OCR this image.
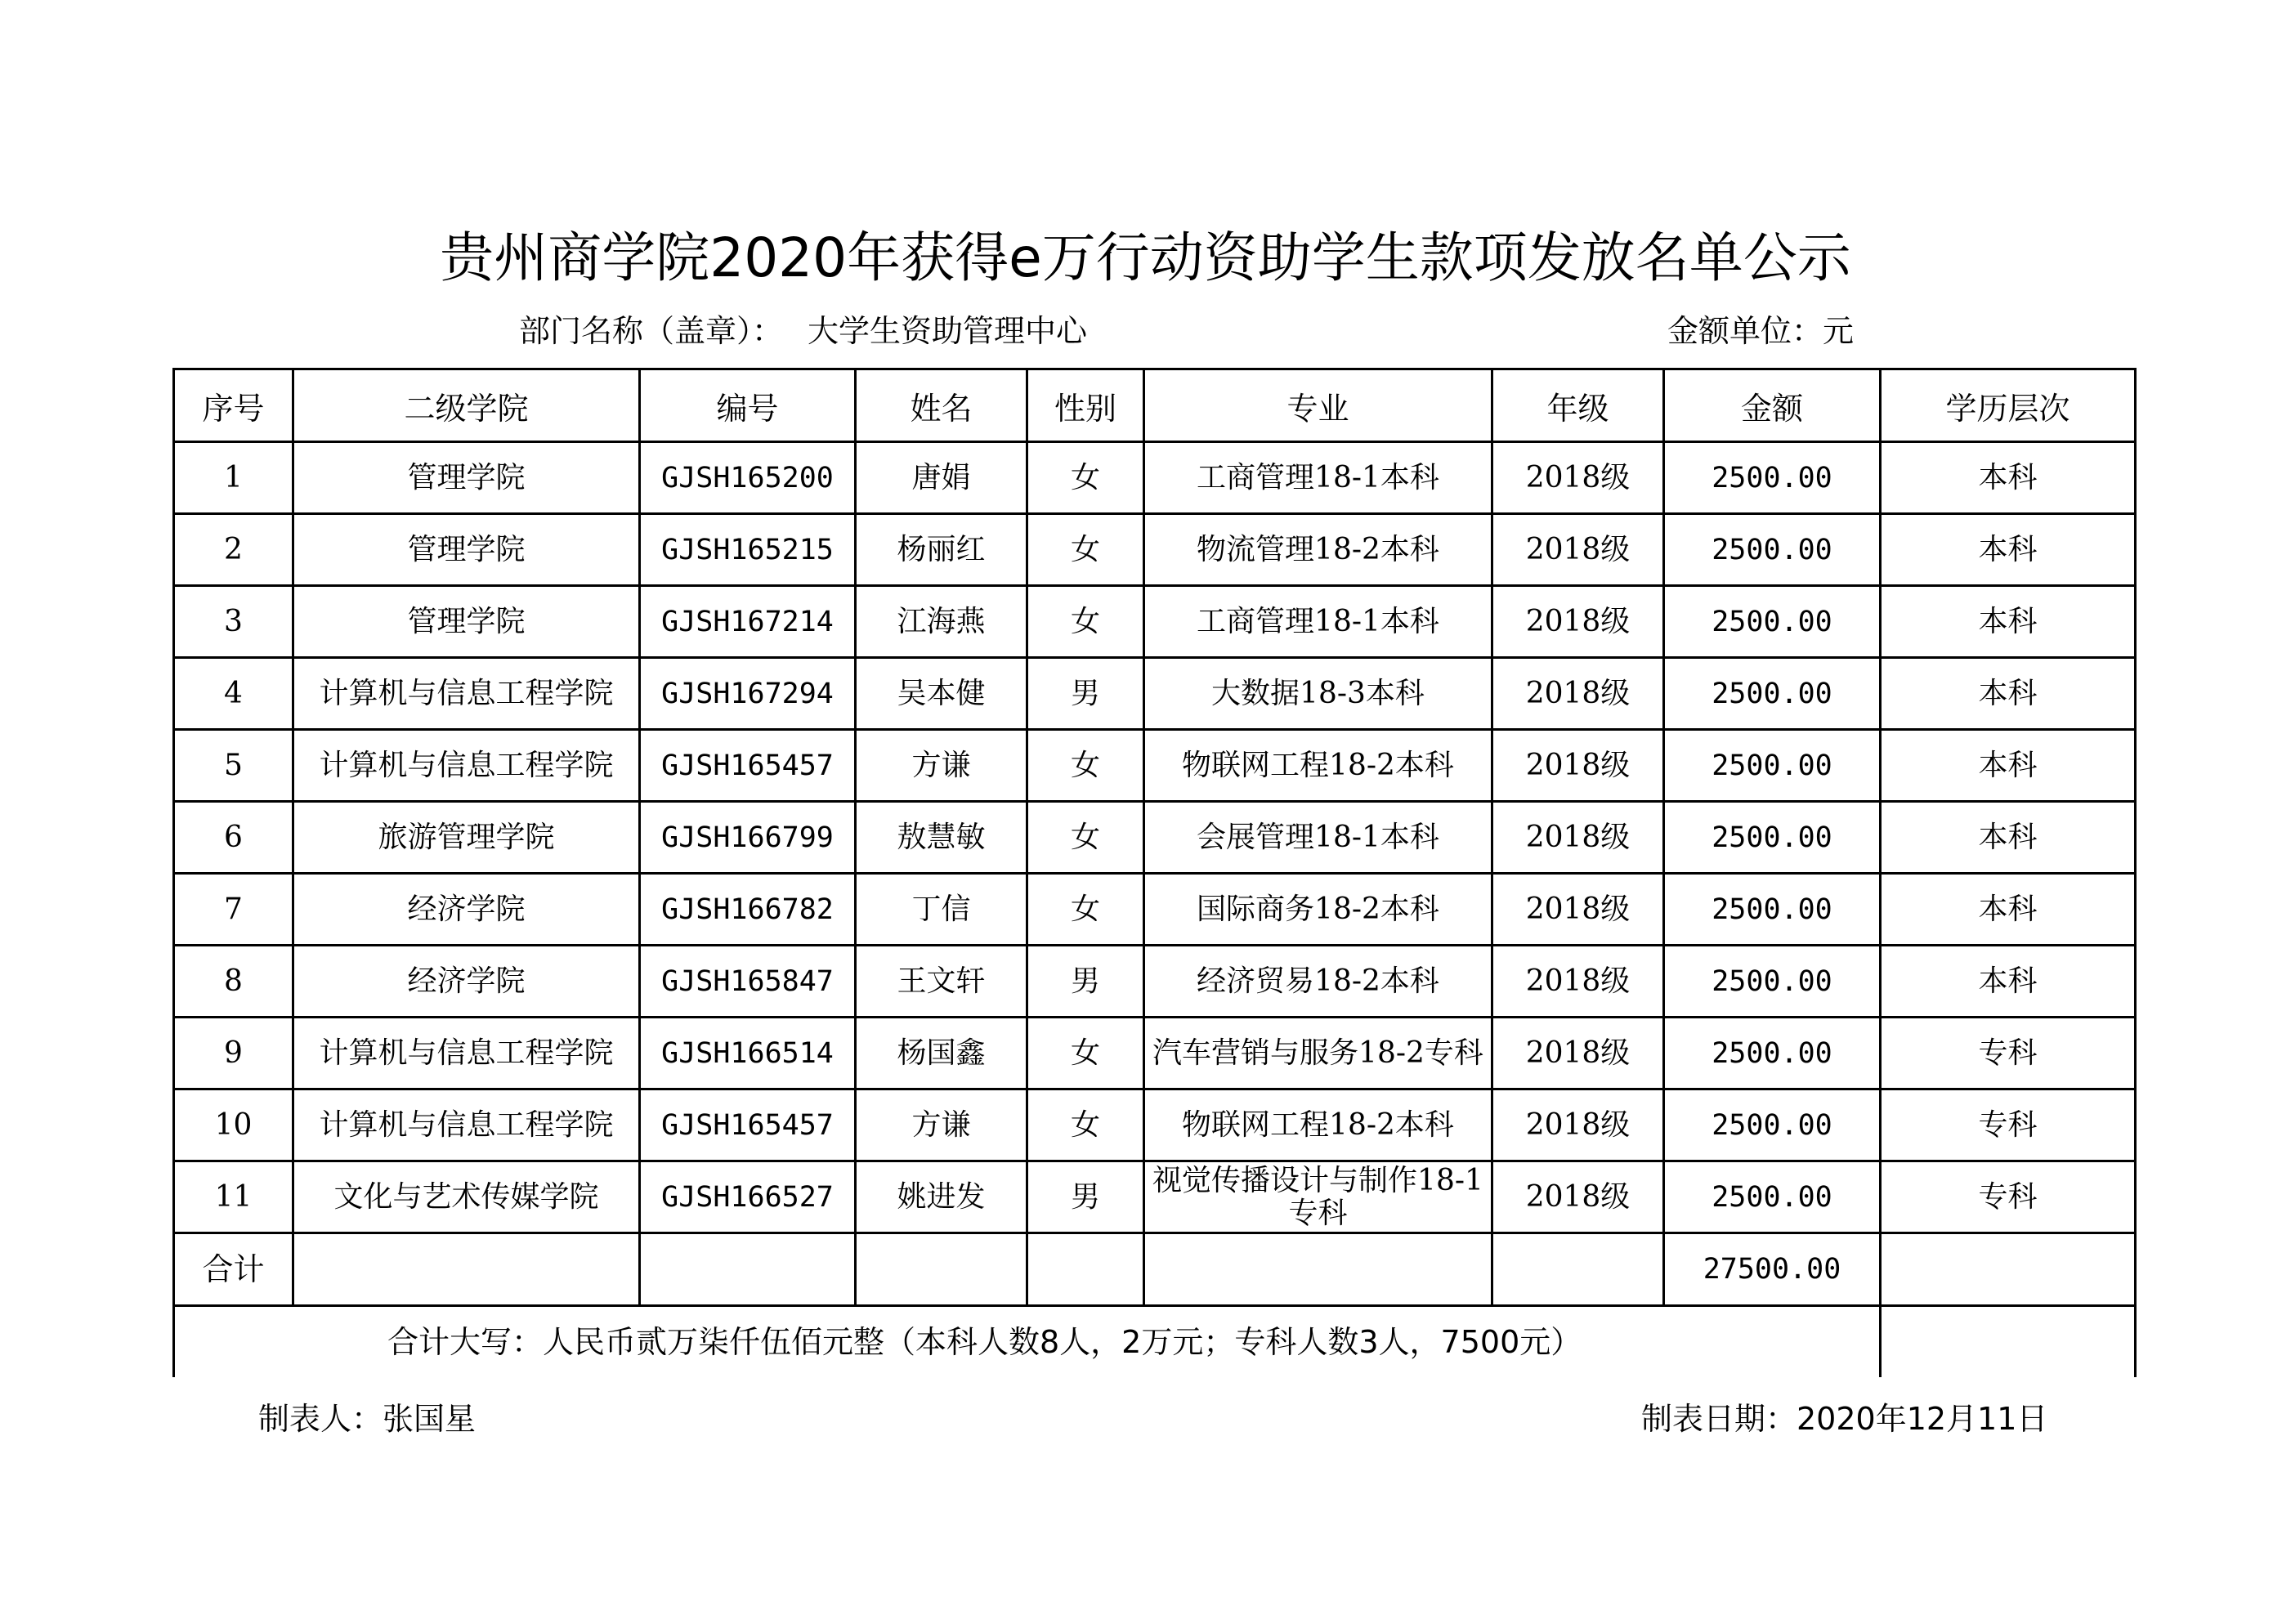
贵州商学院2020年获得e万行动资助学生款项发放名单公示
部门名称（盖章）： 大学生资助管理中心	金额单位：元
序号	二级学院	编号	姓名	性别	专业	年级	金额	学历层次
1	管理学院	GJSH165200	唐娟	女	工商管理18-1本科	2018级	2500.00	本科
2	管理学院	GJSH165215	杨丽红	女	物流管理18-2本科	2018级	2500.00	本科
3	管理学院	GJSH167214	江海燕	女	工商管理18-1本科	2018级	2500.00	本科
4	计算机与信息工程学院	GJSH167294	吴本健	男	大数据18-3本科	2018级	2500.00	本科
5	计算机与信息工程学院	GJSH165457	方谦	女	物联网工程18-2本科	2018级	2500.00	本科
6	旅游管理学院	GJSH166799	敖慧敏	女	会展管理18-1本科	2018级	2500.00	本科
7	经济学院	GJSH166782	丁信	女	国际商务18-2本科	2018级	2500.00	本科
8	经济学院	GJSH165847	王文轩	男	经济贸易18-2本科	2018级	2500.00	本科
9	计算机与信息工程学院	GJSH166514	杨国鑫	女	汽车营销与服务18-2专科	2018级	2500.00	专科
10	计算机与信息工程学院	GJSH165457	方谦	女	物联网工程18-2本科	2018级	2500.00	专科
11	文化与艺术传媒学院	GJSH166527	姚进发	男	视觉传播设计与制作18-1专科	2018级	2500.00	专科
合计							27500.00	
合计大写：人民币贰万柒仟伍佰元整（本科人数8人，2万元；专科人数3人，7500元）								
制表人：张国星	制表日期：2020年12月11日
